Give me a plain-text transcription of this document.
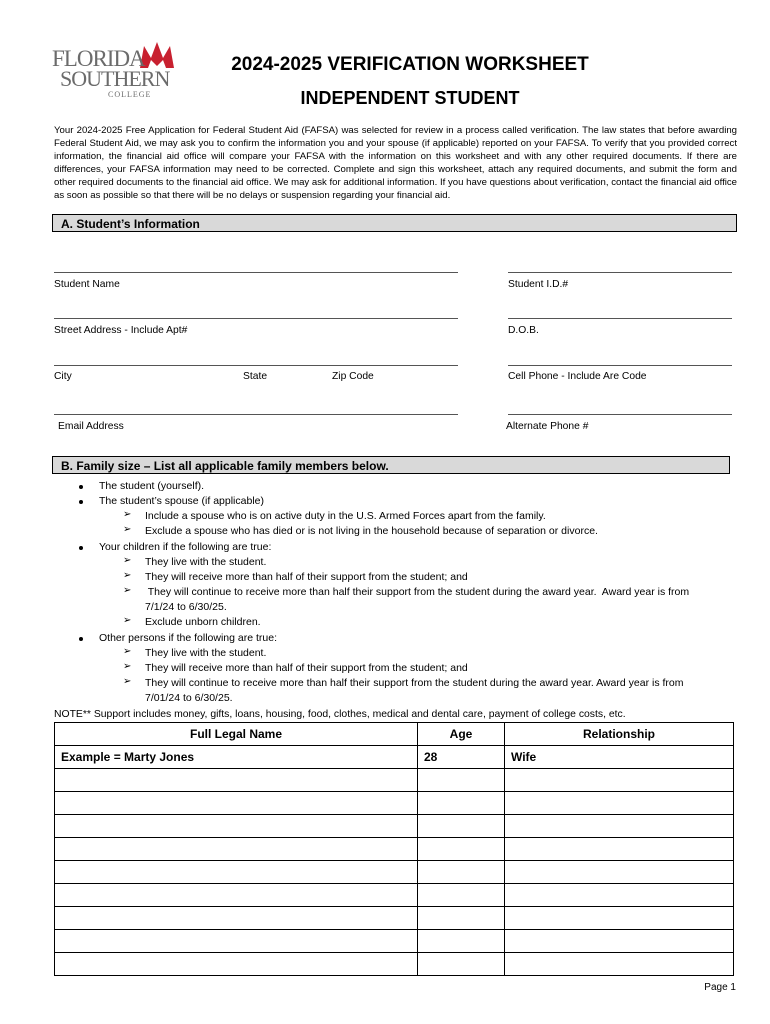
FLORIDA
SOUTHERN
COLLEGE
2024-2025 VERIFICATION WORKSHEET
INDEPENDENT STUDENT
Your 2024-2025 Free Application for Federal Student Aid (FAFSA) was selected for review in a process called verification. The law states that before awarding Federal Student Aid, we may ask you to confirm the information you and your spouse (if applicable) reported on your FAFSA. To verify that you provided correct information, the financial aid office will compare your FAFSA with the information on this worksheet and with any other required documents. If there are differences, your FAFSA information may need to be corrected. Complete and sign this worksheet, attach any required documents, and submit the form and other required documents to the financial aid office. We may ask for additional information. If you have questions about verification, contact the financial aid office as soon as possible so that there will be no delays or suspension regarding your financial aid.
A. Student’s Information
Student Name	Student I.D.#
Street Address - Include Apt#	D.O.B.
City	State	Zip Code	Cell Phone - Include Are Code
Email Address	Alternate Phone #
B. Family size – List all applicable family members below.
The student (yourself).
The student’s spouse (if applicable)
➢ Include a spouse who is on active duty in the U.S. Armed Forces apart from the family.
➢ Exclude a spouse who has died or is not living in the household because of separation or divorce.
Your children if the following are true:
➢ They live with the student.
➢ They will receive more than half of their support from the student; and
➢ They will continue to receive more than half their support from the student during the award year.  Award year is from
7/1/24 to 6/30/25.
➢ Exclude unborn children.
Other persons if the following are true:
➢ They live with the student.
➢ They will receive more than half of their support from the student; and
➢ They will continue to receive more than half their support from the student during the award year. Award year is from
7/01/24 to 6/30/25.
NOTE** Support includes money, gifts, loans, housing, food, clothes, medical and dental care, payment of college costs, etc.
Full Legal Name	Age	Relationship
Example = Marty Jones	28	Wife

Page 1
